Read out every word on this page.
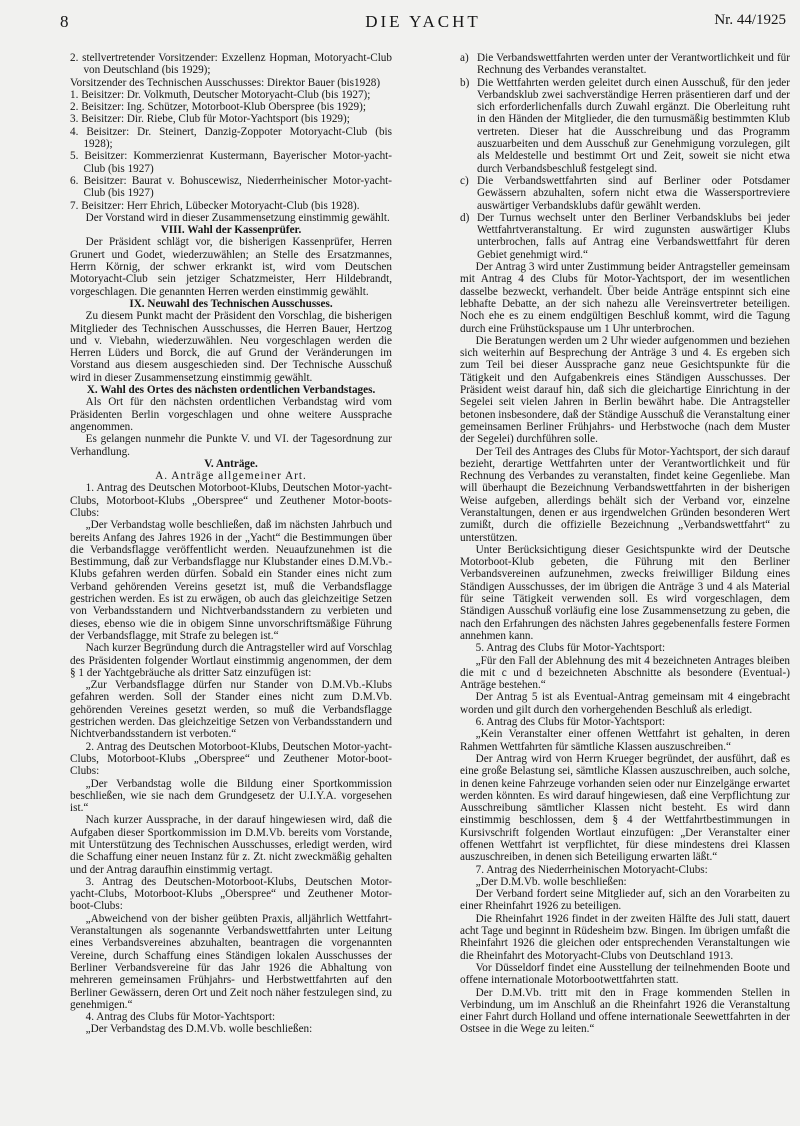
8	DIE YACHT	Nr. 44/1925

2. stellvertretender Vorsitzender: Exzellenz Hopman, Motoryacht-Club von Deutschland (bis 1929);

Vorsitzender des Technischen Ausschusses: Direktor Bauer (bis1928)

1. Beisitzer: Dr. Volkmuth, Deutscher Motoryacht-Club (bis 1927);

2. Beisitzer: Ing. Schützer, Motorboot-Klub Oberspree (bis 1929);

3. Beisitzer: Dir. Riebe, Club für Motor-Yachtsport (bis 1929);

4. Beisitzer: Dr. Steinert, Danzig-Zoppoter Motoryacht-Club (bis 1928);

5. Beisitzer: Kommerzienrat Kustermann, Bayerischer Motor-yacht-Club (bis 1927)

6. Beisitzer: Baurat v. Bohuscewisz, Niederrheinischer Motor-yacht-Club (bis 1927)

7. Beisitzer: Herr Ehrich, Lübecker Motoryacht-Club (bis 1928).

Der Vorstand wird in dieser Zusammensetzung einstimmig gewählt.

VIII. Wahl der Kassenprüfer.

Der Präsident schlägt vor, die bisherigen Kassenprüfer, Herren Grunert und Godet, wiederzuwählen; an Stelle des Ersatzmannes, Herrn Körnig, der schwer erkrankt ist, wird vom Deutschen Motoryacht-Club sein jetziger Schatzmeister, Herr Hildebrandt, vorgeschlagen. Die genannten Herren werden einstimmig gewählt.

IX. Neuwahl des Technischen Ausschusses.

Zu diesem Punkt macht der Präsident den Vorschlag, die bisherigen Mitglieder des Technischen Ausschusses, die Herren Bauer, Hertzog und v. Viebahn, wiederzuwählen. Neu vorgeschlagen werden die Herren Lüders und Borck, die auf Grund der Veränderungen im Vorstand aus diesem ausgeschieden sind. Der Technische Ausschuß wird in dieser Zusammensetzung einstimmig gewählt.

X. Wahl des Ortes des nächsten ordentlichen Verbandstages.

Als Ort für den nächsten ordentlichen Verbandstag wird vom Präsidenten Berlin vorgeschlagen und ohne weitere Aussprache angenommen.

Es gelangen nunmehr die Punkte V. und VI. der Tagesordnung zur Verhandlung.

V. Anträge.

A. Anträge allgemeiner Art.

1. Antrag des Deutschen Motorboot-Klubs, Deutschen Motor-yacht-Clubs, Motorboot-Klubs „Oberspree“ und Zeuthener Motor-boots-Clubs:

„Der Verbandstag wolle beschließen, daß im nächsten Jahrbuch und bereits Anfang des Jahres 1926 in der „Yacht“ die Bestimmungen über die Verbandsflagge veröffentlicht werden. Neuaufzunehmen ist die Bestimmung, daß zur Verbandsflagge nur Klubstander eines D.M.Vb.-Klubs gefahren werden dürfen. Sobald ein Stander eines nicht zum Verband gehörenden Vereins gesetzt ist, muß die Verbandsflagge gestrichen werden. Es ist zu erwägen, ob auch das gleichzeitige Setzen von Verbandsstandern und Nichtverbandsstandern zu verbieten und dieses, ebenso wie die in obigem Sinne unvorschriftsmäßige Führung der Verbandsflagge, mit Strafe zu belegen ist.“

Nach kurzer Begründung durch die Antragsteller wird auf Vorschlag des Präsidenten folgender Wortlaut einstimmig angenommen, der dem § 1 der Yachtgebräuche als dritter Satz einzufügen ist:

„Zur Verbandsflagge dürfen nur Stander von D.M.Vb.-Klubs gefahren werden. Soll der Stander eines nicht zum D.M.Vb. gehörenden Vereines gesetzt werden, so muß die Verbandsflagge gestrichen werden. Das gleichzeitige Setzen von Verbandsstandern und Nichtverbandsstandern ist verboten.“

2. Antrag des Deutschen Motorboot-Klubs, Deutschen Motor-yacht-Clubs, Motorboot-Klubs „Oberspree“ und Zeuthener Motor-boot-Clubs:

„Der Verbandstag wolle die Bildung einer Sportkommission beschließen, wie sie nach dem Grundgesetz der U.I.Y.A. vorgesehen ist.“

Nach kurzer Aussprache, in der darauf hingewiesen wird, daß die Aufgaben dieser Sportkommission im D.M.Vb. bereits vom Vorstande, mit Unterstützung des Technischen Ausschusses, erledigt werden, wird die Schaffung einer neuen Instanz für z. Zt. nicht zweckmäßig gehalten und der Antrag daraufhin einstimmig vertagt.

3. Antrag des Deutschen-Motorboot-Klubs, Deutschen Motor-yacht-Clubs, Motorboot-Klubs „Oberspree“ und Zeuthener Motor-boot-Clubs:

„Abweichend von der bisher geübten Praxis, alljährlich Wettfahrt-Veranstaltungen als sogenannte Verbandswettfahrten unter Leitung eines Verbandsvereines abzuhalten, beantragen die vorgenannten Vereine, durch Schaffung eines Ständigen lokalen Ausschusses der Berliner Verbandsvereine für das Jahr 1926 die Abhaltung von mehreren gemeinsamen Frühjahrs- und Herbstwettfahrten auf den Berliner Gewässern, deren Ort und Zeit noch näher festzulegen sind, zu genehmigen.“

4. Antrag des Clubs für Motor-Yachtsport:

„Der Verbandstag des D.M.Vb. wolle beschließen:

a) Die Verbandswettfahrten werden unter der Verantwortlichkeit und für Rechnung des Verbandes veranstaltet.
b) Die Wettfahrten werden geleitet durch einen Ausschuß, für den jeder Verbandsklub zwei sachverständige Herren präsentieren darf und der sich erforderlichenfalls durch Zuwahl ergänzt. Die Oberleitung ruht in den Händen der Mitglieder, die den turnusmäßig bestimmten Klub vertreten. Dieser hat die Ausschreibung und das Programm auszuarbeiten und dem Ausschuß zur Genehmigung vorzulegen, gilt als Meldestelle und bestimmt Ort und Zeit, soweit sie nicht etwa durch Verbandsbeschluß festgelegt sind.
c) Die Verbandswettfahrten sind auf Berliner oder Potsdamer Gewässern abzuhalten, sofern nicht etwa die Wassersportreviere auswärtiger Verbandsklubs dafür gewählt werden.
d) Der Turnus wechselt unter den Berliner Verbandsklubs bei jeder Wettfahrtveranstaltung. Er wird zugunsten auswärtiger Klubs unterbrochen, falls auf Antrag eine Verbandswettfahrt für deren Gebiet genehmigt wird.“

Der Antrag 3 wird unter Zustimmung beider Antragsteller gemeinsam mit Antrag 4 des Clubs für Motor-Yachtsport, der im wesentlichen dasselbe bezweckt, verhandelt. Über beide Anträge entspinnt sich eine lebhafte Debatte, an der sich nahezu alle Vereinsvertreter beteiligen. Noch ehe es zu einem endgültigen Beschluß kommt, wird die Tagung durch eine Frühstückspause um 1 Uhr unterbrochen.

Die Beratungen werden um 2 Uhr wieder aufgenommen und beziehen sich weiterhin auf Besprechung der Anträge 3 und 4. Es ergeben sich zum Teil bei dieser Aussprache ganz neue Gesichtspunkte für die Tätigkeit und den Aufgabenkreis eines Ständigen Ausschusses. Der Präsident weist darauf hin, daß sich die gleichartige Einrichtung in der Segelei seit vielen Jahren in Berlin bewährt habe. Die Antragsteller betonen insbesondere, daß der Ständige Ausschuß die Veranstaltung einer gemeinsamen Berliner Frühjahrs- und Herbstwoche (nach dem Muster der Segelei) durchführen solle.

Der Teil des Antrages des Clubs für Motor-Yachtsport, der sich darauf bezieht, derartige Wettfahrten unter der Verantwortlichkeit und für Rechnung des Verbandes zu veranstalten, findet keine Gegenliebe. Man will überhaupt die Bezeichnung Verbandswettfahrten in der bisherigen Weise aufgeben, allerdings behält sich der Verband vor, einzelne Veranstaltungen, denen er aus irgendwelchen Gründen besonderen Wert zumißt, durch die offizielle Bezeichnung „Verbandswettfahrt“ zu unterstützen.

Unter Berücksichtigung dieser Gesichtspunkte wird der Deutsche Motorboot-Klub gebeten, die Führung mit den Berliner Verbandsvereinen aufzunehmen, zwecks freiwilliger Bildung eines Ständigen Ausschusses, der im übrigen die Anträge 3 und 4 als Material für seine Tätigkeit verwenden soll. Es wird vorgeschlagen, dem Ständigen Ausschuß vorläufig eine lose Zusammensetzung zu geben, die nach den Erfahrungen des nächsten Jahres gegebenenfalls festere Formen annehmen kann.

5. Antrag des Clubs für Motor-Yachtsport:

„Für den Fall der Ablehnung des mit 4 bezeichneten Antrages bleiben die mit c und d bezeichneten Abschnitte als besondere (Eventual-) Anträge bestehen.“

Der Antrag 5 ist als Eventual-Antrag gemeinsam mit 4 eingebracht worden und gilt durch den vorhergehenden Beschluß als erledigt.

6. Antrag des Clubs für Motor-Yachtsport:

„Kein Veranstalter einer offenen Wettfahrt ist gehalten, in deren Rahmen Wettfahrten für sämtliche Klassen auszuschreiben.“

Der Antrag wird von Herrn Krueger begründet, der ausführt, daß es eine große Belastung sei, sämtliche Klassen auszuschreiben, auch solche, in denen keine Fahrzeuge vorhanden seien oder nur Einzelgänge erwartet werden könnten. Es wird darauf hingewiesen, daß eine Verpflichtung zur Ausschreibung sämtlicher Klassen nicht besteht. Es wird dann einstimmig beschlossen, dem § 4 der Wettfahrtbestimmungen in Kursivschrift folgenden Wortlaut einzufügen: „Der Veranstalter einer offenen Wettfahrt ist verpflichtet, für diese mindestens drei Klassen auszuschreiben, in denen sich Beteiligung erwarten läßt.“

7. Antrag des Niederrheinischen Motoryacht-Clubs:

„Der D.M.Vb. wolle beschließen:

Der Verband fordert seine Mitglieder auf, sich an den Vorarbeiten zu einer Rheinfahrt 1926 zu beteiligen.

Die Rheinfahrt 1926 findet in der zweiten Hälfte des Juli statt, dauert acht Tage und beginnt in Rüdesheim bzw. Bingen. Im übrigen umfaßt die Rheinfahrt 1926 die gleichen oder entsprechenden Veranstaltungen wie die Rheinfahrt des Motoryacht-Clubs von Deutschland 1913.

Vor Düsseldorf findet eine Ausstellung der teilnehmenden Boote und offene internationale Motorbootwettfahrten statt.

Der D.M.Vb. tritt mit den in Frage kommenden Stellen in Verbindung, um im Anschluß an die Rheinfahrt 1926 die Veranstaltung einer Fahrt durch Holland und offene internationale Seewettfahrten in der Ostsee in die Wege zu leiten.“
